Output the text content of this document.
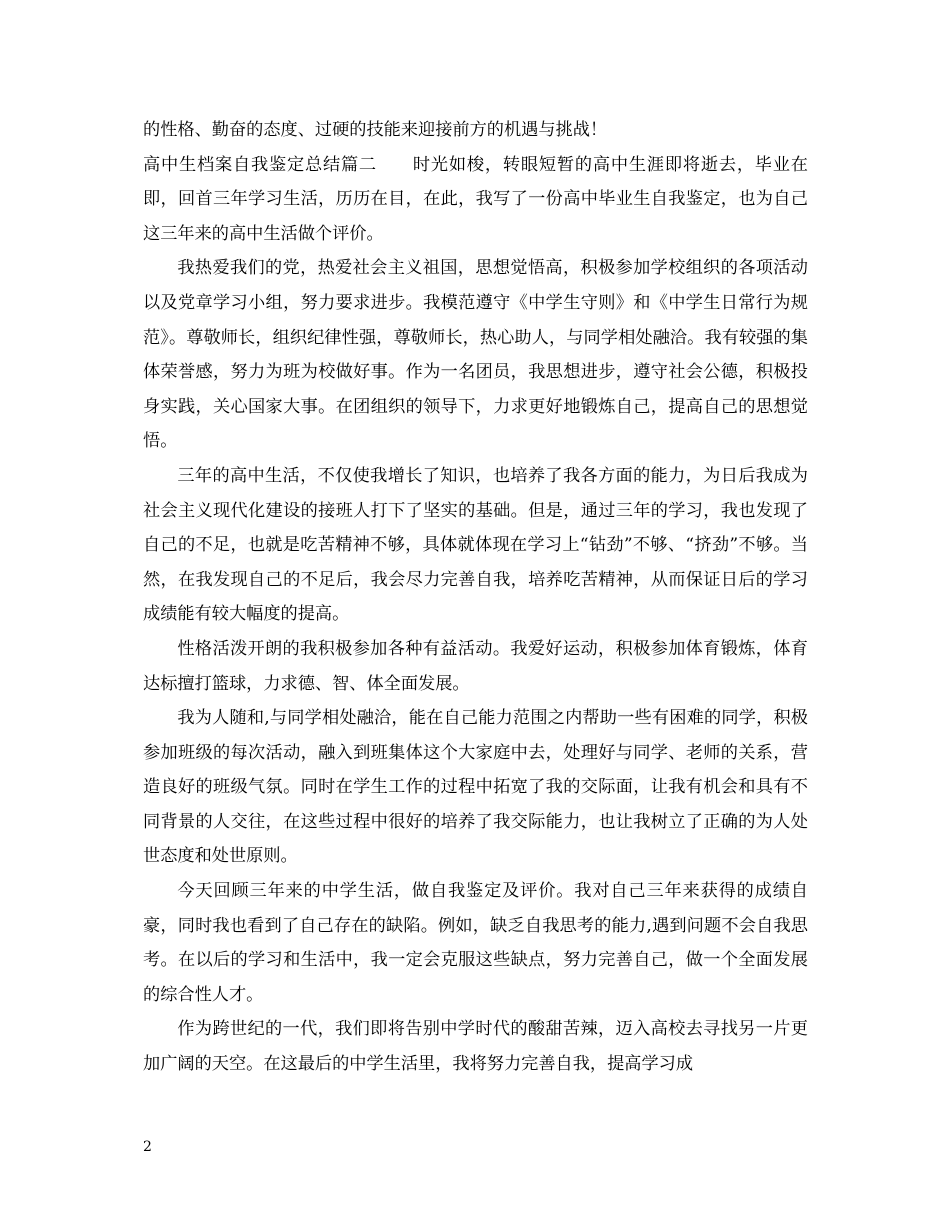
的性格、勤奋的态度、过硬的技能来迎接前方的机遇与挑战！

高中生档案自我鉴定总结篇二　　时光如梭，转眼短暂的高中生涯即将逝去，毕业在即，回首三年学习生活，历历在目，在此，我写了一份高中毕业生自我鉴定，也为自己这三年来的高中生活做个评价。

我热爱我们的党，热爱社会主义祖国，思想觉悟高，积极参加学校组织的各项活动以及党章学习小组，努力要求进步。我模范遵守《中学生守则》和《中学生日常行为规范》。尊敬师长，组织纪律性强，尊敬师长，热心助人，与同学相处融洽。我有较强的集体荣誉感，努力为班为校做好事。作为一名团员，我思想进步，遵守社会公德，积极投身实践，关心国家大事。在团组织的领导下，力求更好地锻炼自己，提高自己的思想觉悟。

三年的高中生活，不仅使我增长了知识，也培养了我各方面的能力，为日后我成为社会主义现代化建设的接班人打下了坚实的基础。但是，通过三年的学习，我也发现了自己的不足，也就是吃苦精神不够，具体就体现在学习上“钻劲”不够、“挤劲”不够。当然，在我发现自己的不足后，我会尽力完善自我，培养吃苦精神，从而保证日后的学习成绩能有较大幅度的提高。

性格活泼开朗的我积极参加各种有益活动。我爱好运动，积极参加体育锻炼，体育达标擅打篮球，力求德、智、体全面发展。

我为人随和,与同学相处融洽，能在自己能力范围之内帮助一些有困难的同学，积极参加班级的每次活动，融入到班集体这个大家庭中去，处理好与同学、老师的关系，营造良好的班级气氛。同时在学生工作的过程中拓宽了我的交际面，让我有机会和具有不同背景的人交往，在这些过程中很好的培养了我交际能力，也让我树立了正确的为人处世态度和处世原则。

今天回顾三年来的中学生活，做自我鉴定及评价。我对自己三年来获得的成绩自豪，同时我也看到了自己存在的缺陷。例如，缺乏自我思考的能力,遇到问题不会自我思考。在以后的学习和生活中，我一定会克服这些缺点，努力完善自己，做一个全面发展的综合性人才。

作为跨世纪的一代，我们即将告别中学时代的酸甜苦辣，迈入高校去寻找另一片更加广阔的天空。在这最后的中学生活里，我将努力完善自我，提高学习成

2
